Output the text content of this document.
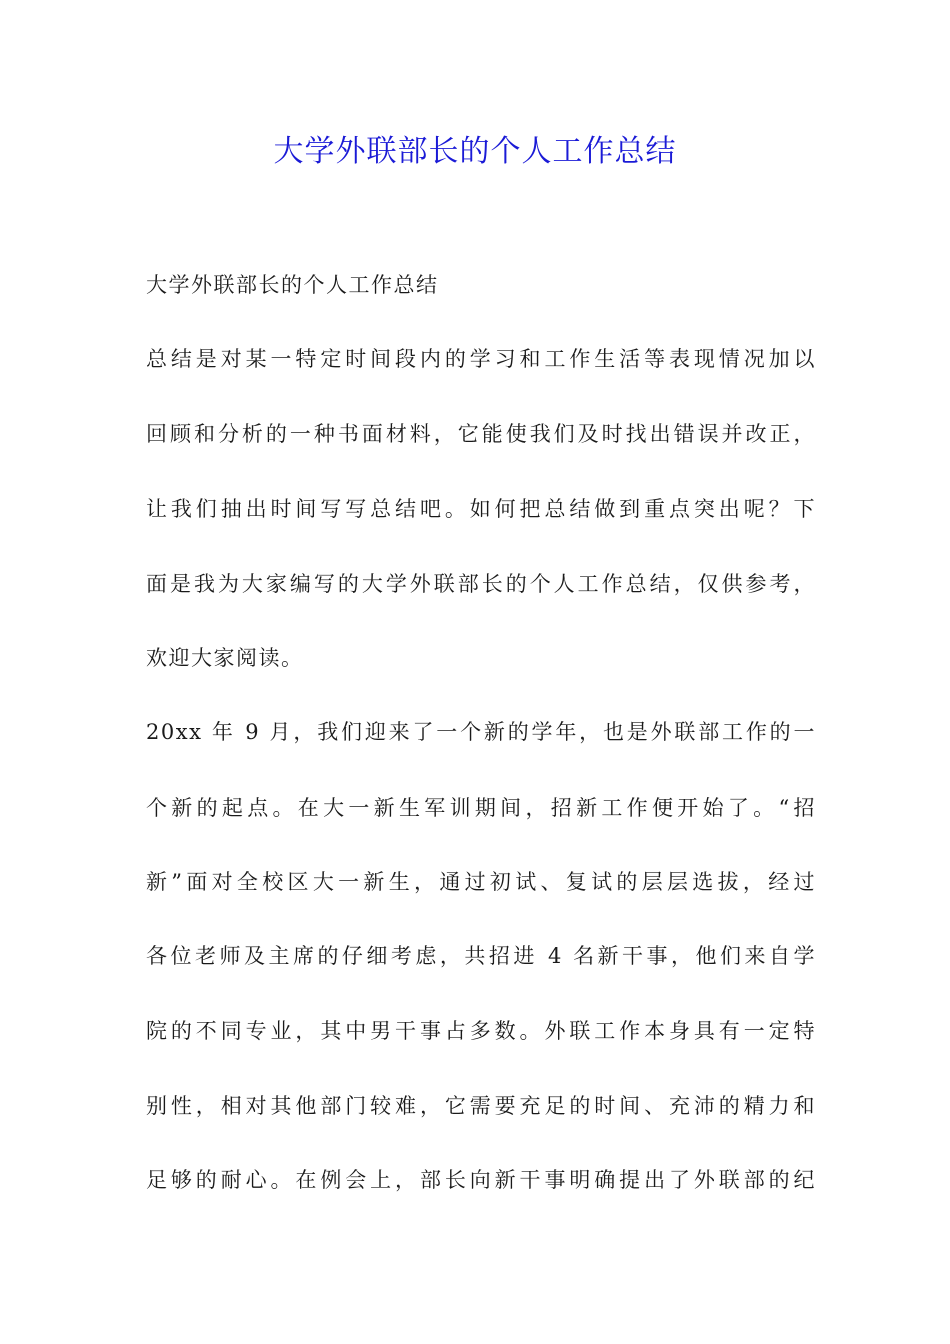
大学外联部长的个人工作总结

大学外联部长的个人工作总结

总结是对某一特定时间段内的学习和工作生活等表现情况加以

回顾和分析的一种书面材料，它能使我们及时找出错误并改正，

让我们抽出时间写写总结吧。如何把总结做到重点突出呢？下

面是我为大家编写的大学外联部长的个人工作总结，仅供参考，

欢迎大家阅读。

20xx 年 9 月，我们迎来了一个新的学年，也是外联部工作的一

个新的起点。在大一新生军训期间，招新工作便开始了。“招

新”面对全校区大一新生，通过初试、复试的层层选拔，经过

各位老师及主席的仔细考虑，共招进 4 名新干事，他们来自学

院的不同专业，其中男干事占多数。外联工作本身具有一定特

别性，相对其他部门较难，它需要充足的时间、充沛的精力和

足够的耐心。在例会上，部长向新干事明确提出了外联部的纪
